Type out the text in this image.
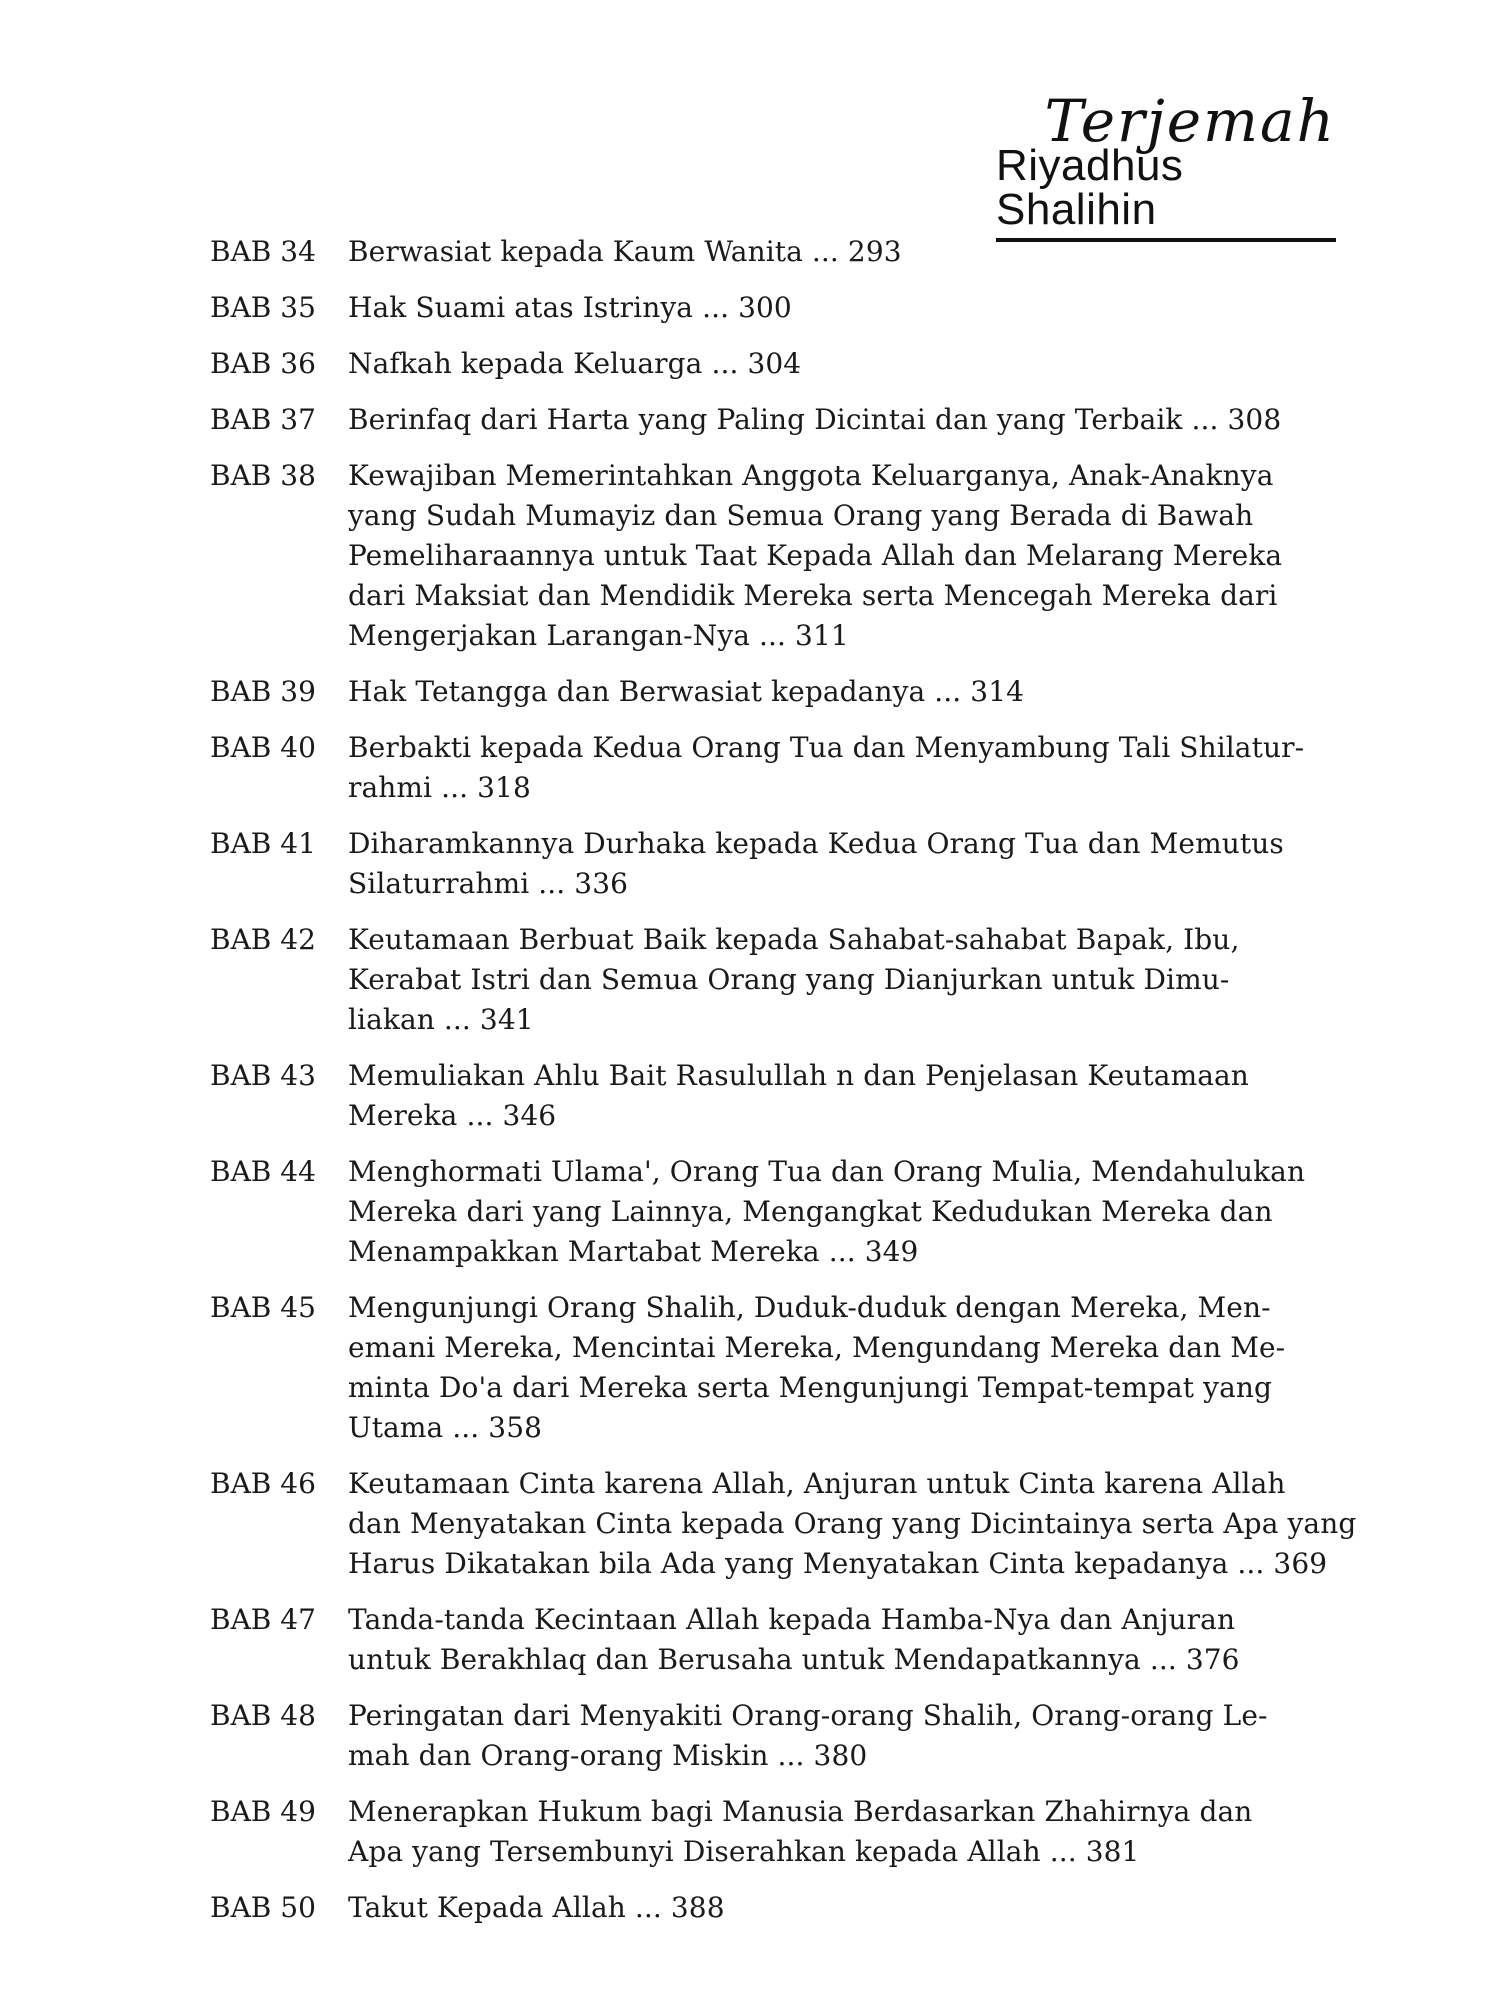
Terjemah
Riyadhus Shalihin
BAB 34	Berwasiat kepada Kaum Wanita ... 293
BAB 35	Hak Suami atas Istrinya ... 300
BAB 36	Nafkah kepada Keluarga ... 304
BAB 37	Berinfaq dari Harta yang Paling Dicintai dan yang Terbaik ... 308
BAB 38	Kewajiban Memerintahkan Anggota Keluarganya, Anak-Anaknya
yang Sudah Mumayiz dan Semua Orang yang Berada di Bawah
Pemeliharaannya untuk Taat Kepada Allah dan Melarang Mereka
dari Maksiat dan Mendidik Mereka serta Mencegah Mereka dari
Mengerjakan Larangan-Nya ... 311
BAB 39	Hak Tetangga dan Berwasiat kepadanya ... 314
BAB 40	Berbakti kepada Kedua Orang Tua dan Menyambung Tali Shilatur-
rahmi ... 318
BAB 41	Diharamkannya Durhaka kepada Kedua Orang Tua dan Memutus
Silaturrahmi ... 336
BAB 42	Keutamaan Berbuat Baik kepada Sahabat-sahabat Bapak, Ibu,
Kerabat Istri dan Semua Orang yang Dianjurkan untuk Dimu-
liakan ... 341
BAB 43	Memuliakan Ahlu Bait Rasulullah n dan Penjelasan Keutamaan
Mereka ... 346
BAB 44	Menghormati Ulama', Orang Tua dan Orang Mulia, Mendahulukan
Mereka dari yang Lainnya, Mengangkat Kedudukan Mereka dan
Menampakkan Martabat Mereka ... 349
BAB 45	Mengunjungi Orang Shalih, Duduk-duduk dengan Mereka, Men-
emani Mereka, Mencintai Mereka, Mengundang Mereka dan Me-
minta Do'a dari Mereka serta Mengunjungi Tempat-tempat yang
Utama ... 358
BAB 46	Keutamaan Cinta karena Allah, Anjuran untuk Cinta karena Allah
dan Menyatakan Cinta kepada Orang yang Dicintainya serta Apa yang
Harus Dikatakan bila Ada yang Menyatakan Cinta kepadanya ... 369
BAB 47	Tanda-tanda Kecintaan Allah kepada Hamba-Nya dan Anjuran
untuk Berakhlaq dan Berusaha untuk Mendapatkannya ... 376
BAB 48	Peringatan dari Menyakiti Orang-orang Shalih, Orang-orang Le-
mah dan Orang-orang Miskin ... 380
BAB 49	Menerapkan Hukum bagi Manusia Berdasarkan Zhahirnya dan
Apa yang Tersembunyi Diserahkan kepada Allah ... 381
BAB 50	Takut Kepada Allah ... 388
